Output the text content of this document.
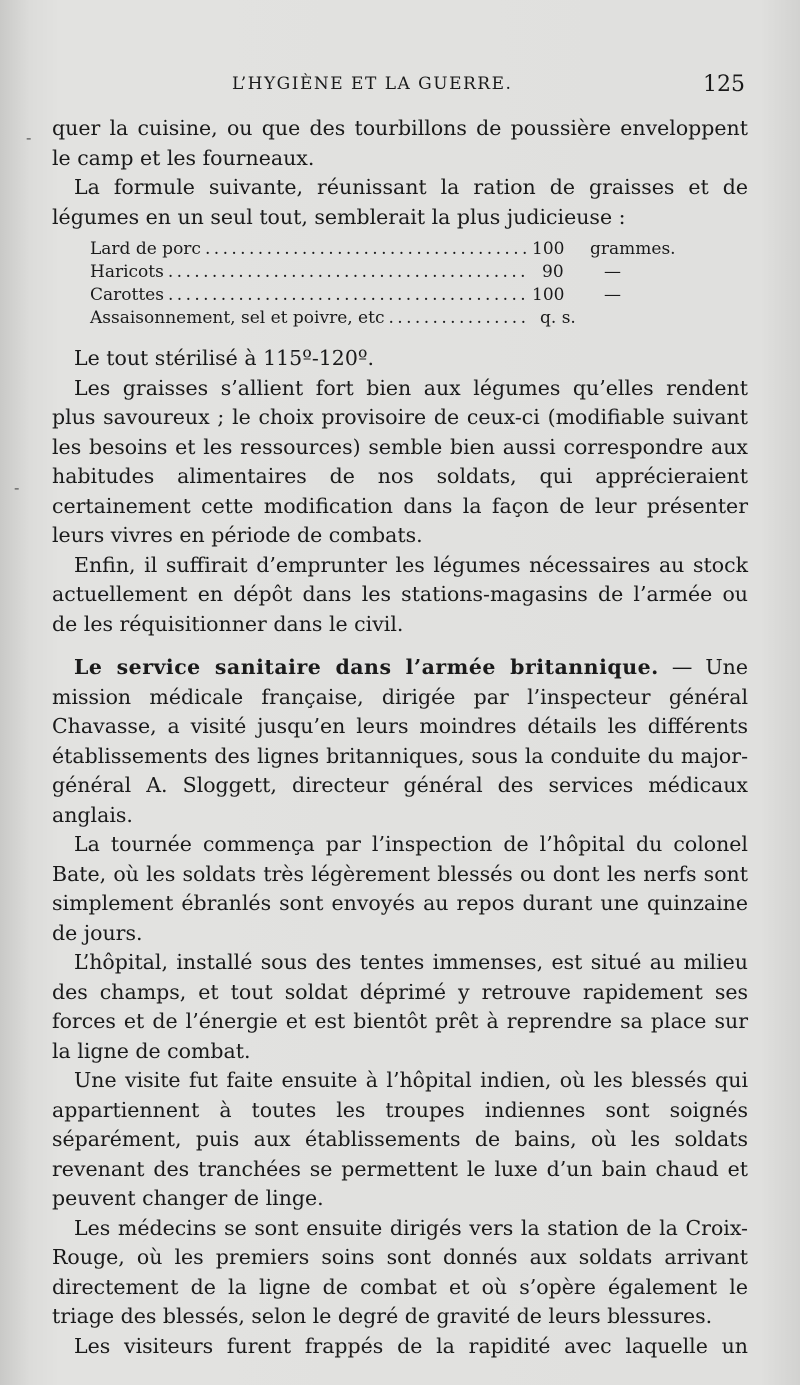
L’HYGIÈNE ET LA GUERRE.	125
-
-

quer la cuisine, ou que des tourbillons de poussière enveloppent le camp et les fourneaux.

La formule suivante, réunissant la ration de graisses et de légumes en un seul tout, semblerait la plus judicieuse :

Lard de porc . . .	100	grammes.
Haricots . . .	90	—
Carottes . . .	100	—
Assaisonnement, sel et poivre, etc . . .	q. s.

Le tout stérilisé à 115º-120º.

Les graisses s’allient fort bien aux légumes qu’elles rendent plus savoureux ; le choix provisoire de ceux-ci (modifiable suivant les besoins et les ressources) semble bien aussi correspondre aux habitudes alimentaires de nos soldats, qui apprécieraient certainement cette modification dans la façon de leur présenter leurs vivres en période de combats.

Enfin, il suffirait d’emprunter les légumes nécessaires au stock actuellement en dépôt dans les stations-magasins de l’armée ou de les réquisitionner dans le civil.

Le service sanitaire dans l’armée britannique. — Une mission médicale française, dirigée par l’inspecteur général Chavasse, a visité jusqu’en leurs moindres détails les différents établissements des lignes britanniques, sous la conduite du major-général A. Sloggett, directeur général des services médicaux anglais.

La tournée commença par l’inspection de l’hôpital du colonel Bate, où les soldats très légèrement blessés ou dont les nerfs sont simplement ébranlés sont envoyés au repos durant une quinzaine de jours.

L’hôpital, installé sous des tentes immenses, est situé au milieu des champs, et tout soldat déprimé y retrouve rapidement ses forces et de l’énergie et est bientôt prêt à reprendre sa place sur la ligne de combat.

Une visite fut faite ensuite à l’hôpital indien, où les blessés qui appartiennent à toutes les troupes indiennes sont soignés séparément, puis aux établissements de bains, où les soldats revenant des tranchées se permettent le luxe d’un bain chaud et peuvent changer de linge.

Les médecins se sont ensuite dirigés vers la station de la Croix-Rouge, où les premiers soins sont donnés aux soldats arrivant directement de la ligne de combat et où s’opère également le triage des blessés, selon le degré de gravité de leurs blessures.

Les visiteurs furent frappés de la rapidité avec laquelle un
